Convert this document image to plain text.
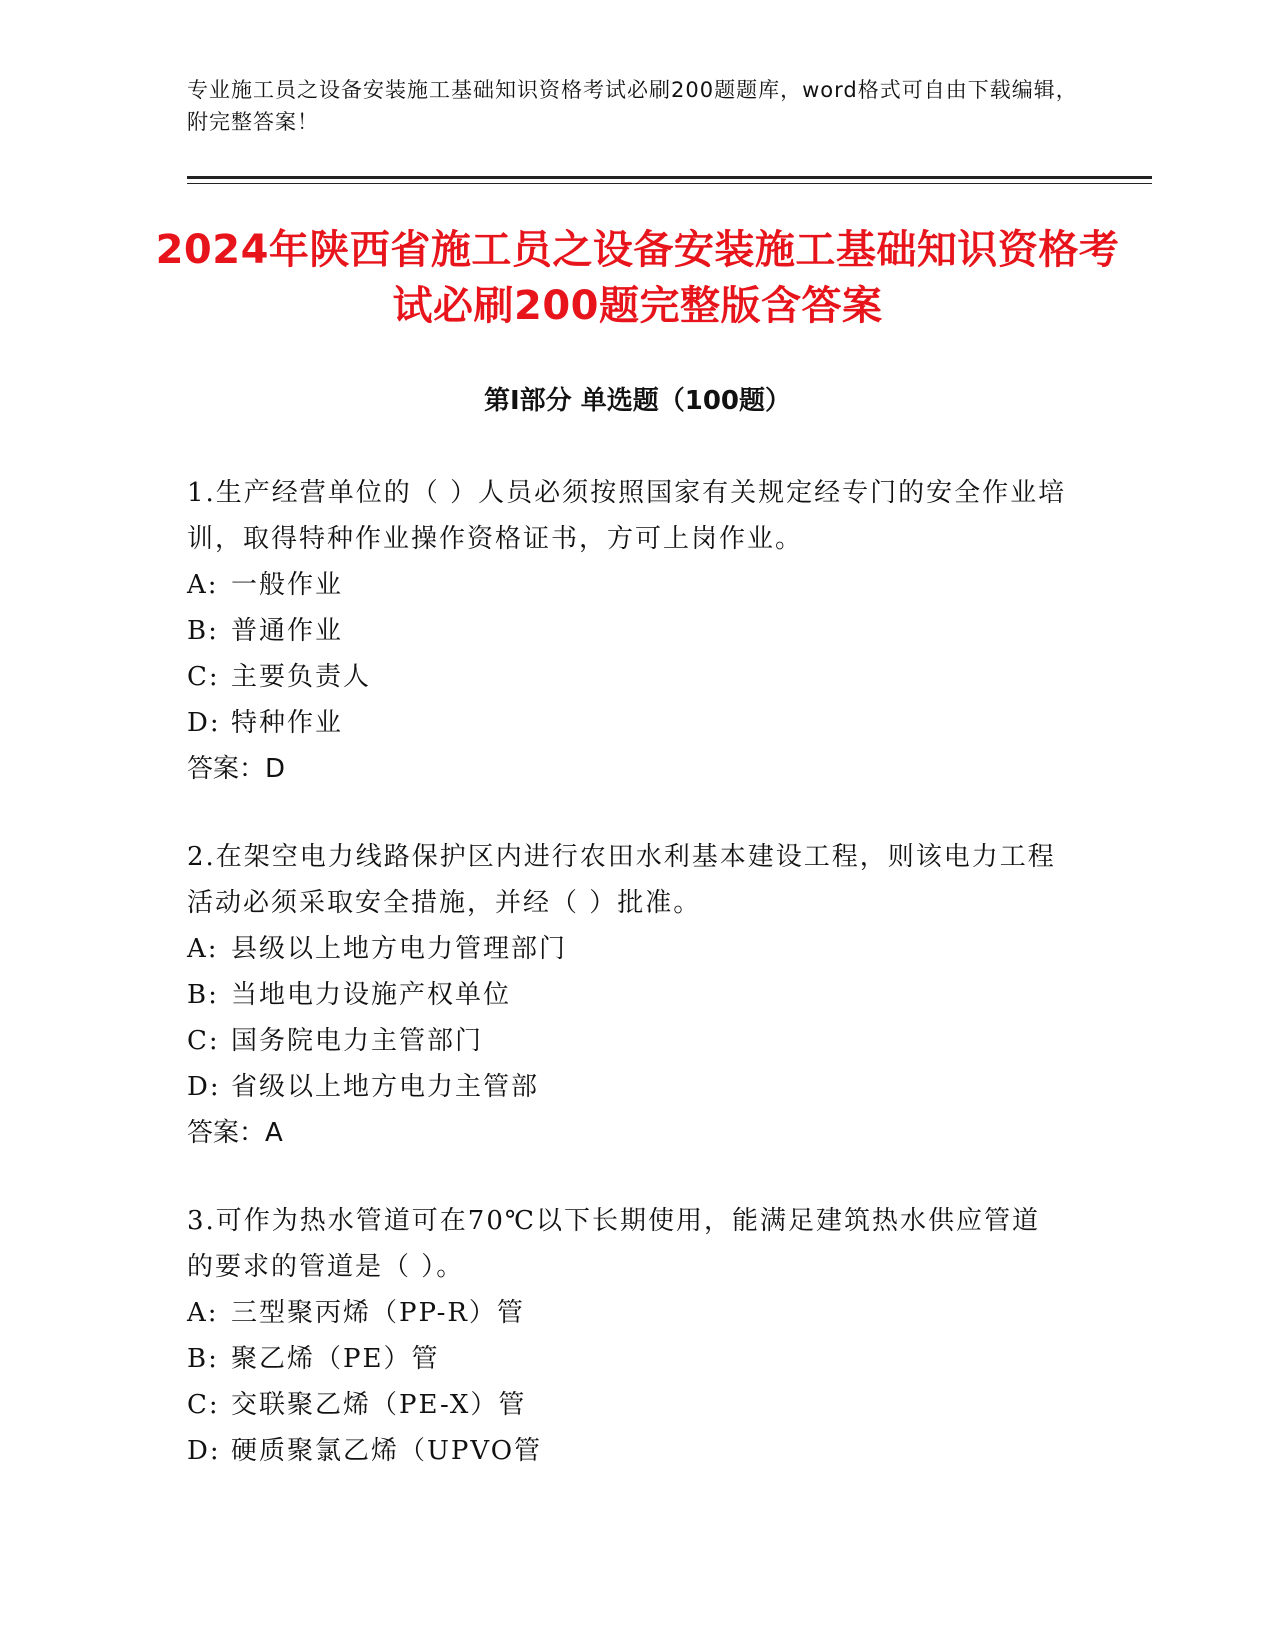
专业施工员之设备安装施工基础知识资格考试必刷200题题库，word格式可自由下载编辑，附完整答案！
2024年陕西省施工员之设备安装施工基础知识资格考试必刷200题完整版含答案
第Ⅰ部分 单选题（100题）

1.生产经营单位的（ ）人员必须按照国家有关规定经专门的安全作业培训，取得特种作业操作资格证书，方可上岗作业。

A: 一般作业

B: 普通作业

C: 主要负责人

D: 特种作业

答案：D

2.在架空电力线路保护区内进行农田水利基本建设工程，则该电力工程活动必须采取安全措施，并经（ ）批准。

A: 县级以上地方电力管理部门

B: 当地电力设施产权单位

C: 国务院电力主管部门

D: 省级以上地方电力主管部

答案：A

3.可作为热水管道可在70℃以下长期使用，能满足建筑热水供应管道的要求的管道是（ ）。

A: 三型聚丙烯（PP-R）管

B: 聚乙烯（PE）管

C: 交联聚乙烯（PE-X）管

D: 硬质聚氯乙烯（UPVO管
